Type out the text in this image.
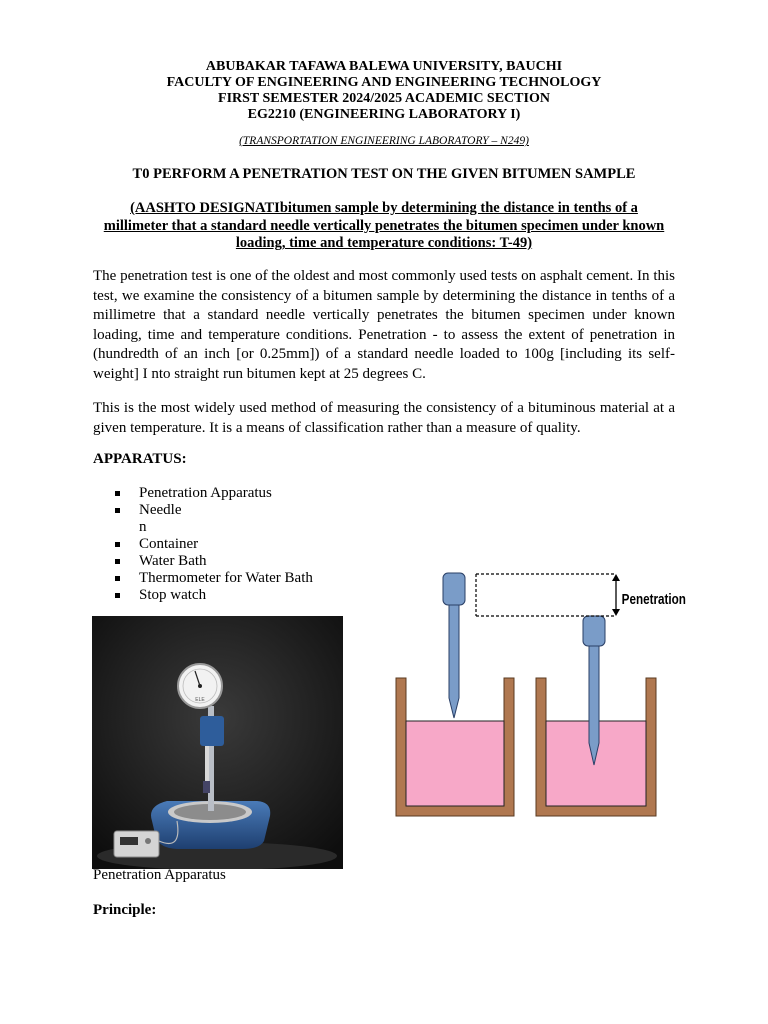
ABUBAKAR TAFAWA BALEWA UNIVERSITY, BAUCHI
FACULTY OF ENGINEERING AND ENGINEERING TECHNOLOGY
FIRST SEMESTER 2024/2025 ACADEMIC SECTION
EG2210 (ENGINEERING LABORATORY I)
(TRANSPORTATION ENGINEERING LABORATORY – N249)
T0 PERFORM A PENETRATION TEST ON THE GIVEN BITUMEN SAMPLE
(AASHTO DESIGNATIbitumen sample by determining the distance in tenths of a millimeter that a standard needle vertically penetrates the bitumen specimen under known loading, time and temperature conditions: T-49)
The penetration test is one of the oldest and most commonly used tests on asphalt cement. In this test, we examine the consistency of a bitumen sample by determining the distance in tenths of a millimetre that a standard needle vertically penetrates the bitumen specimen under known loading, time and temperature conditions. Penetration - to assess the extent of penetration in (hundredth of an inch [or 0.25mm]) of a standard needle loaded to 100g [including its self-weight] I nto straight run bitumen kept at 25 degrees C.
This is the most widely used method of measuring the consistency of a bituminous material at a given temperature. It is a means of classification rather than a measure of quality.
APPARATUS:
Penetration Apparatus
Needle
n
Container
Water Bath
Thermometer for Water Bath
Stop watch
ELE
Penetration
Penetration Apparatus
Principle:
